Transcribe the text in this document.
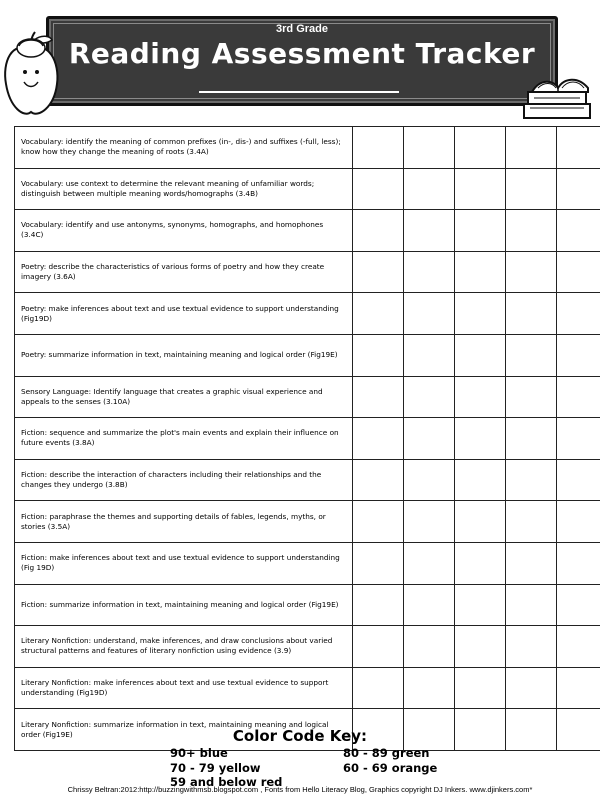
3rd Grade
Reading Assessment Tracker
Vocabulary: identify the meaning of common prefixes (in-, dis-) and suffixes (-full, less); know how they change the meaning of roots (3.4A)					
Vocabulary: use context to determine the relevant meaning of unfamiliar words; distinguish between multiple meaning words/homographs (3.4B)					
Vocabulary: identify and use antonyms, synonyms, homographs, and homophones (3.4C)					
Poetry: describe the characteristics of various forms of poetry and how they create imagery (3.6A)					
Poetry: make inferences about text and use textual evidence to support understanding (Fig19D)					
Poetry: summarize information in text, maintaining meaning and logical order (Fig19E)					
Sensory Language: Identify language that creates a graphic visual experience and appeals to the senses (3.10A)					
Fiction: sequence and summarize the plot's main events and explain their influence on future events (3.8A)					
Fiction: describe the interaction of characters including their relationships and the changes they undergo (3.8B)					
Fiction: paraphrase the themes and supporting details of fables, legends, myths, or stories (3.5A)					
Fiction: make inferences about text and use textual evidence to support understanding (Fig 19D)					
Fiction: summarize information in text, maintaining meaning and logical order (Fig19E)					
Literary Nonfiction: understand, make inferences, and draw conclusions about varied structural patterns and features of literary nonfiction using evidence (3.9)					
Literary Nonfiction: make inferences about text and use textual evidence to support understanding (Fig19D)					
Literary Nonfiction: summarize information in text, maintaining meaning and logical order (Fig19E)						Color Code Key:
90+ blue
70 - 79 yellow
59 and below red
80 - 89 green
60 - 69 orange
Chrissy Beltran:2012:http://buzzingwithmsb.blogspot.com , Fonts from Hello Literacy Blog, Graphics copyright DJ Inkers. www.djinkers.com*
